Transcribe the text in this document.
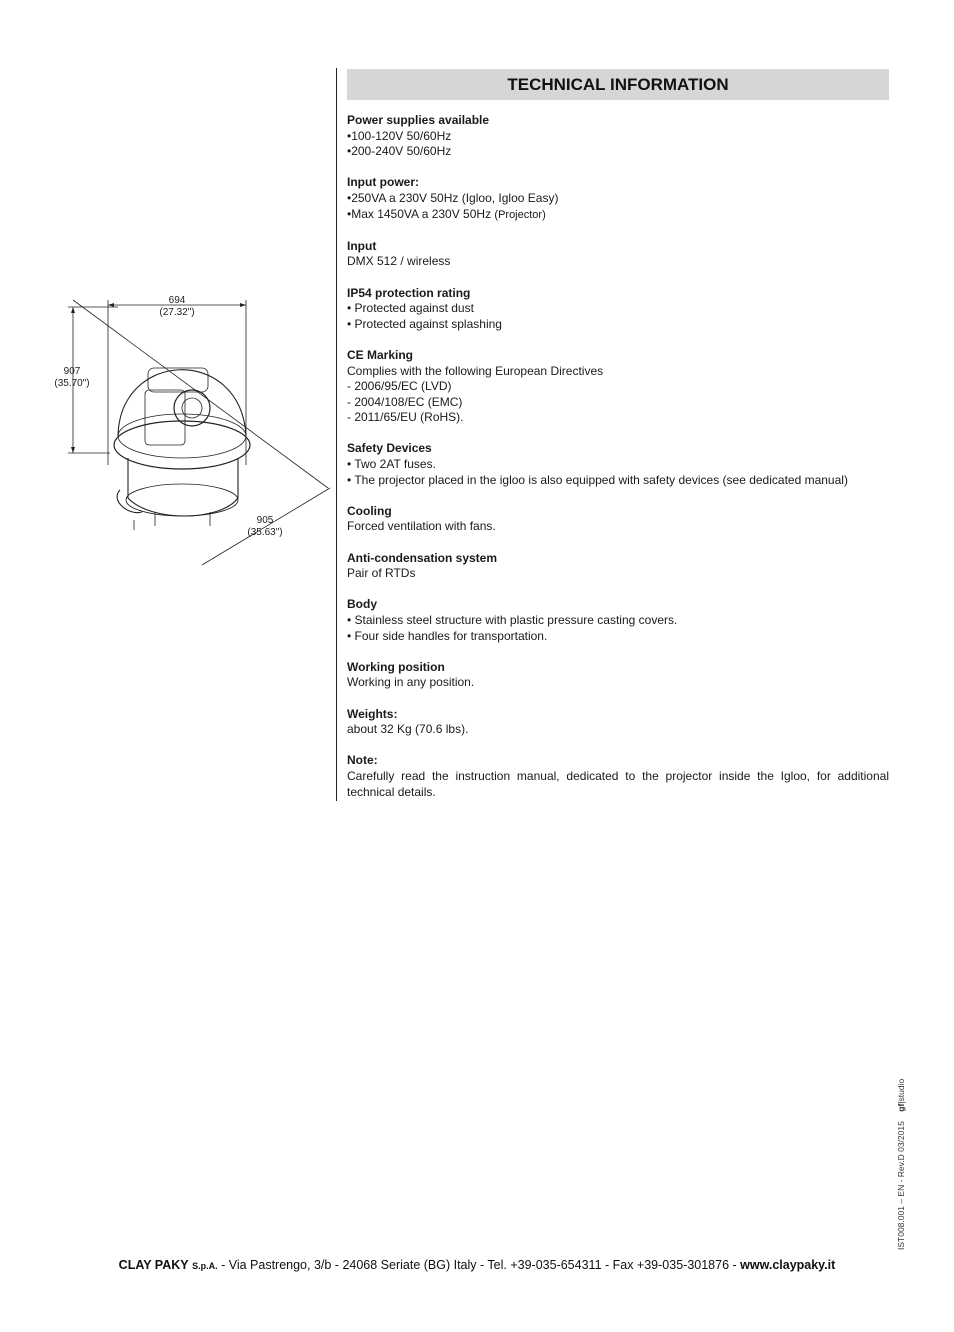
694
(27.32")
907
(35.70")
905
(35.63")
TECHNICAL INFORMATION
Power supplies available
•100-120V 50/60Hz
•200-240V 50/60Hz
Input power:
•250VA a 230V 50Hz (Igloo, Igloo Easy)
•Max 1450VA a 230V 50Hz (Projector)
Input
DMX 512 / wireless
IP54 protection rating
• Protected against dust
• Protected against splashing
CE Marking
Complies with the following European Directives
- 2006/95/EC (LVD)
- 2004/108/EC (EMC)
- 2011/65/EU (RoHS).
Safety Devices
• Two 2AT fuses.
• The projector placed in the igloo is also equipped with safety devices (see dedicated manual)
Cooling
Forced ventilation with fans.
Anti-condensation system
Pair of RTDs
Body
• Stainless steel structure with plastic pressure casting covers.
• Four side handles for transportation.
Working position
Working in any position.
Weights:
about 32 Kg (70.6 lbs).
Note:
Carefully read the instruction manual, dedicated to the projector inside the Igloo, for additional technical details.
IST008.001 – EN - Rev.D 03/2015    gf|studio
CLAY PAKY S.p.A. - Via Pastrengo, 3/b - 24068 Seriate (BG) Italy - Tel. +39-035-654311 - Fax +39-035-301876 - www.claypaky.it
